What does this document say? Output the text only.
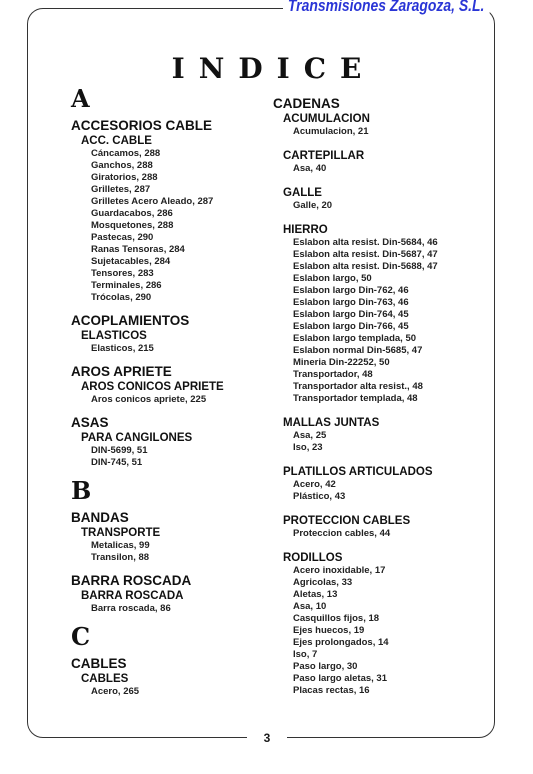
Transmisiones Zaragoza, S.L.
INDICE
A
ACCESORIOS CABLE
ACC. CABLE
Cáncamos, 288
Ganchos, 288
Giratorios, 288
Grilletes, 287
Grilletes Acero Aleado, 287
Guardacabos, 286
Mosquetones, 288
Pastecas, 290
Ranas Tensoras, 284
Sujetacables, 284
Tensores, 283
Terminales, 286
Trócolas, 290
ACOPLAMIENTOS
ELASTICOS
Elasticos, 215
AROS APRIETE
AROS CONICOS APRIETE
Aros conicos apriete, 225
ASAS
PARA CANGILONES
DIN-5699, 51
DIN-745, 51
B
BANDAS
TRANSPORTE
Metalicas, 99
Transilon, 88
BARRA ROSCADA
BARRA ROSCADA
Barra roscada, 86
C
CABLES
CABLES
Acero, 265
CADENAS
ACUMULACION
Acumulacion, 21
CARTEPILLAR
Asa, 40
GALLE
Galle, 20
HIERRO
Eslabon alta resist. Din-5684, 46
Eslabon alta resist. Din-5687, 47
Eslabon alta resist. Din-5688, 47
Eslabon largo, 50
Eslabon largo Din-762, 46
Eslabon largo Din-763, 46
Eslabon largo Din-764, 45
Eslabon largo Din-766, 45
Eslabon largo templada, 50
Eslabon normal Din-5685, 47
Mineria Din-22252, 50
Transportador, 48
Transportador alta resist., 48
Transportador templada, 48
MALLAS JUNTAS
Asa, 25
Iso, 23
PLATILLOS ARTICULADOS
Acero, 42
Plástico, 43
PROTECCION CABLES
Proteccion cables, 44
RODILLOS
Acero inoxidable, 17
Agricolas, 33
Aletas, 13
Asa, 10
Casquillos fijos, 18
Ejes huecos, 19
Ejes prolongados, 14
Iso, 7
Paso largo, 30
Paso largo aletas, 31
Placas rectas, 16
3
